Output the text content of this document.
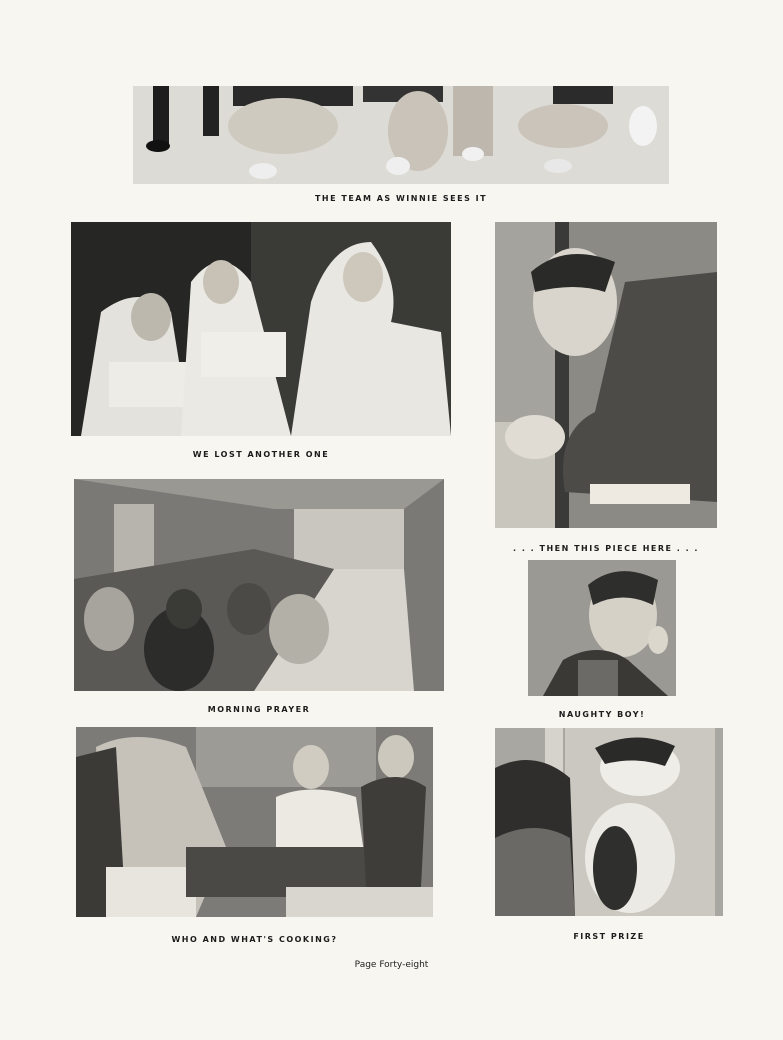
THE TEAM AS WINNIE SEES IT
WE LOST ANOTHER ONE
. . . THEN THIS PIECE HERE . . .
MORNING PRAYER
NAUGHTY BOY!
WHO AND WHAT'S COOKING?	FIRST PRIZE
Page Forty-eight
